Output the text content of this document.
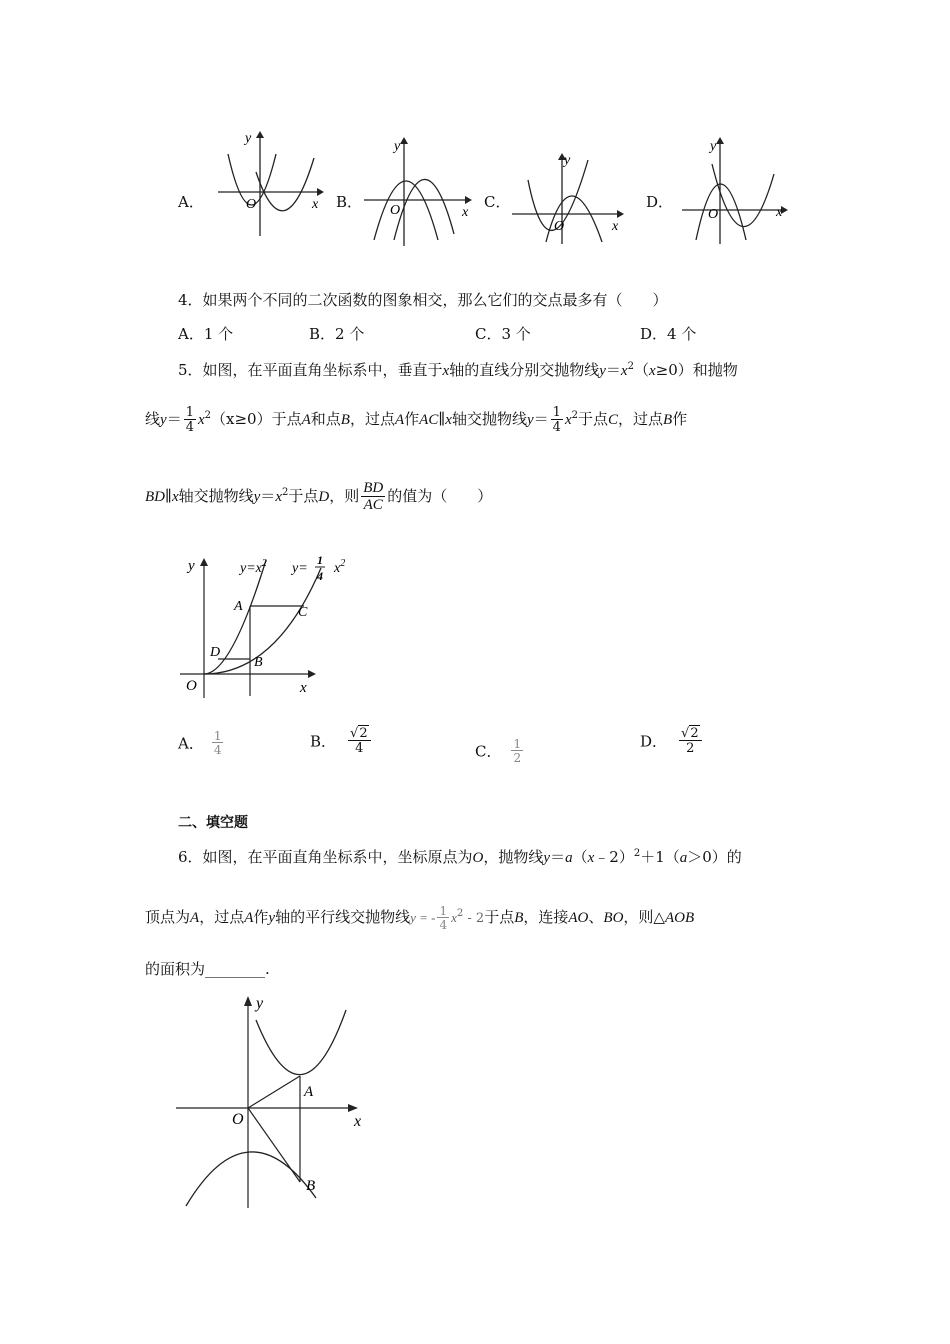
A．
y
x
O	B．
y
x
O	C．
y
x
O
D．
y
x
O
4．如果两个不同的二次函数的图象相交，那么它们的交点最多有（　　）
A．1 个	B．2 个	C．3 个	D．4 个
5．如图，在平面直角坐标系中，垂直于x轴的直线分别交抛物线$y=x^2(x\ge 0)$和抛物
线$y= \frac{1}{4} x^2(x\ge 0)$于点A和点B，过点A作AC∥x轴交抛物线$y= \frac{1}{4} x^2$于点C，过点B作
BD∥x轴交抛物线$y=x^2$于点D，则 $\frac{BD}{AC}$ 的值为（　　）
y
x
O
A
B
C
D
$y=x^2$ y=
1
4 $x^2$
A． $\frac{1}{4}$	B． $\frac{√2}{4}$	C． $\frac{1}{2}$	D． $\frac{√2}{2}$
二、填空题
6．如图，在平面直角坐标系中，坐标原点为O，抛物线y＝a（x﹣2）$^2$＋1（a＞0）的
顶点为A，过点A作y轴的平行线交抛物线y = - $\frac{1}{4} x^2 - 2$于点B，连接AO、BO，则△AOB
的面积为________.
y
x
O
A
B
